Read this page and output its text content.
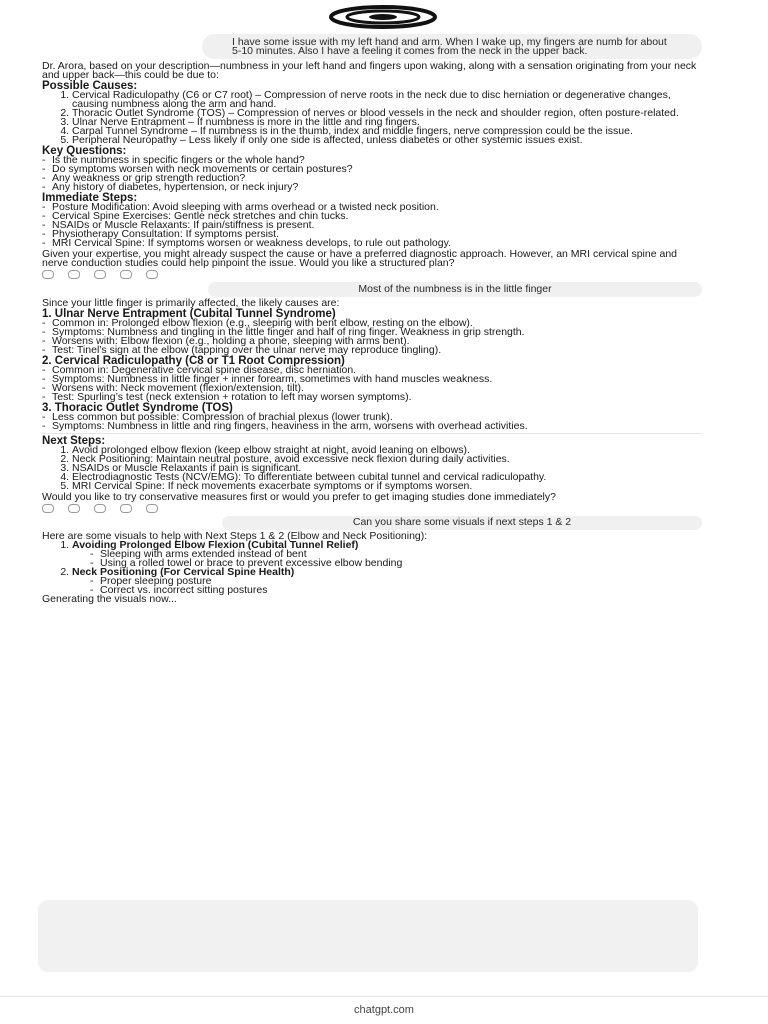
I have some issue with my left hand and arm. When I wake up, my fingers are numb for about 5-10 minutes. Also I have a feeling it comes from the neck in the upper back.

Dr. Arora, based on your description—numbness in your left hand and fingers upon waking, along with a sensation originating from your neck and upper back—this could be due to:

Possible Causes:
1. Cervical Radiculopathy (C6 or C7 root) – Compression of nerve roots in the neck due to disc herniation or degenerative changes, causing numbness along the arm and hand.
2. Thoracic Outlet Syndrome (TOS) – Compression of nerves or blood vessels in the neck and shoulder region, often posture-related.
3. Ulnar Nerve Entrapment – If numbness is more in the little and ring fingers.
4. Carpal Tunnel Syndrome – If numbness is in the thumb, index and middle fingers, nerve compression could be the issue.
5. Peripheral Neuropathy – Less likely if only one side is affected, unless diabetes or other systemic issues exist.
Key Questions:
- Is the numbness in specific fingers or the whole hand?
- Do symptoms worsen with neck movements or certain postures?
- Any weakness or grip strength reduction?
- Any history of diabetes, hypertension, or neck injury?
Immediate Steps:
- Posture Modification: Avoid sleeping with arms overhead or a twisted neck position.
- Cervical Spine Exercises: Gentle neck stretches and chin tucks.
- NSAIDs or Muscle Relaxants: If pain/stiffness is present.
- Physiotherapy Consultation: If symptoms persist.
- MRI Cervical Spine: If symptoms worsen or weakness develops, to rule out pathology.

Given your expertise, you might already suspect the cause or have a preferred diagnostic approach. However, an MRI cervical spine and nerve conduction studies could help pinpoint the issue. Would you like a structured plan?

Most of the numbness is in the little finger

Since your little finger is primarily affected, the likely causes are:

1. Ulnar Nerve Entrapment (Cubital Tunnel Syndrome)
- Common in: Prolonged elbow flexion (e.g., sleeping with bent elbow, resting on the elbow).
- Symptoms: Numbness and tingling in the little finger and half of ring finger. Weakness in grip strength.
- Worsens with: Elbow flexion (e.g., holding a phone, sleeping with arms bent).
- Test: Tinel’s sign at the elbow (tapping over the ulnar nerve may reproduce tingling).
2. Cervical Radiculopathy (C8 or T1 Root Compression)
- Common in: Degenerative cervical spine disease, disc herniation.
- Symptoms: Numbness in little finger + inner forearm, sometimes with hand muscles weakness.
- Worsens with: Neck movement (flexion/extension, tilt).
- Test: Spurling’s test (neck extension + rotation to left may worsen symptoms).
3. Thoracic Outlet Syndrome (TOS)
- Less common but possible: Compression of brachial plexus (lower trunk).
- Symptoms: Numbness in little and ring fingers, heaviness in the arm, worsens with overhead activities.
Next Steps:
1. Avoid prolonged elbow flexion (keep elbow straight at night, avoid leaning on elbows).
2. Neck Positioning: Maintain neutral posture, avoid excessive neck flexion during daily activities.
3. NSAIDs or Muscle Relaxants if pain is significant.
4. Electrodiagnostic Tests (NCV/EMG): To differentiate between cubital tunnel and cervical radiculopathy.
5. MRI Cervical Spine: If neck movements exacerbate symptoms or if symptoms worsen.

Would you like to try conservative measures first or would you prefer to get imaging studies done immediately?

Can you share some visuals if next steps 1 & 2

Here are some visuals to help with Next Steps 1 & 2 (Elbow and Neck Positioning):

1. Avoiding Prolonged Elbow Flexion (Cubital Tunnel Relief)
- Sleeping with arms extended instead of bent
- Using a rolled towel or brace to prevent excessive elbow bending
2. Neck Positioning (For Cervical Spine Health)
- Proper sleeping posture
- Correct vs. incorrect sitting postures

Generating the visuals now...

chatgpt.com
